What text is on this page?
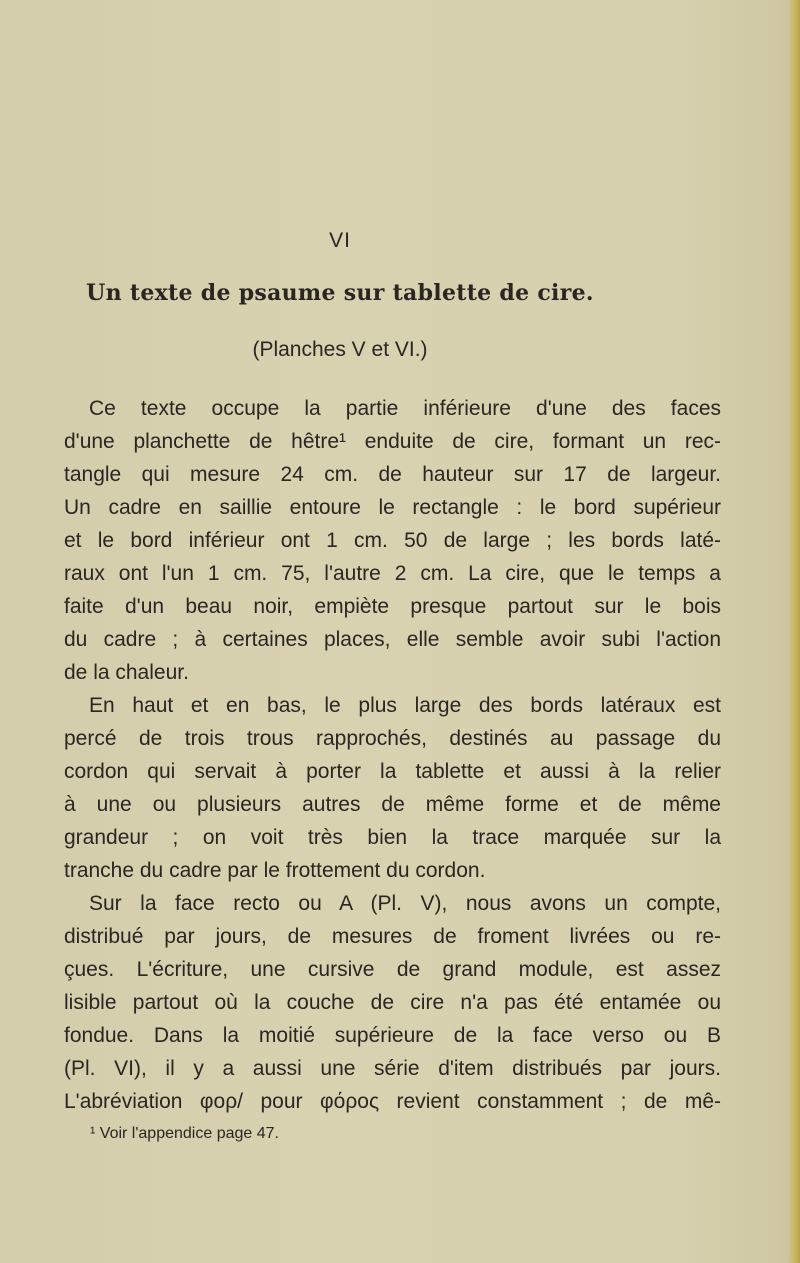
VI
Un texte de psaume sur tablette de cire.
(Planches V et VI.)
Ce texte occupe la partie inférieure d'une des faces
d'une planchette de hêtre¹ enduite de cire, formant un rec-
tangle qui mesure 24 cm. de hauteur sur 17 de largeur.
Un cadre en saillie entoure le rectangle : le bord supérieur
et le bord inférieur ont 1 cm. 50 de large ; les bords laté-
raux ont l'un 1 cm. 75, l'autre 2 cm. La cire, que le temps a
faite d'un beau noir, empiète presque partout sur le bois
du cadre ; à certaines places, elle semble avoir subi l'action
de la chaleur.
En haut et en bas, le plus large des bords latéraux est
percé de trois trous rapprochés, destinés au passage du
cordon qui servait à porter la tablette et aussi à la relier
à une ou plusieurs autres de même forme et de même
grandeur ; on voit très bien la trace marquée sur la
tranche du cadre par le frottement du cordon.
Sur la face recto ou A (Pl. V), nous avons un compte,
distribué par jours, de mesures de froment livrées ou re-
çues. L'écriture, une cursive de grand module, est assez
lisible partout où la couche de cire n'a pas été entamée ou
fondue. Dans la moitié supérieure de la face verso ou B
(Pl. VI), il y a aussi une série d'item distribués par jours.
L'abréviation φορ/ pour φόρος revient constamment ; de mê-
¹ Voir l'appendice page 47.
